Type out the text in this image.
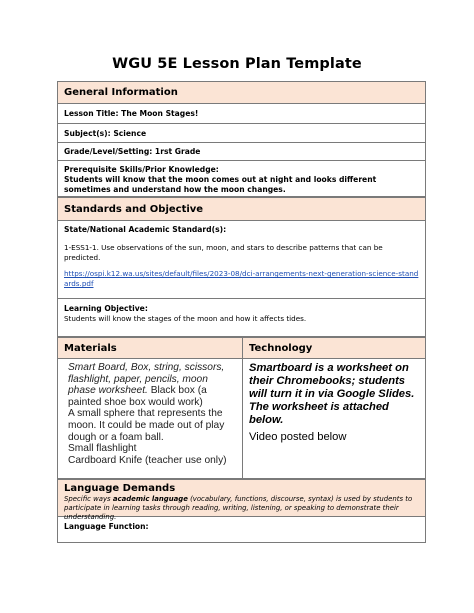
WGU 5E Lesson Plan Template
General Information
Lesson Title: The Moon Stages!
Subject(s): Science
Grade/Level/Setting: 1rst Grade
Prerequisite Skills/Prior Knowledge:
Students will know that the moon comes out at night and looks different sometimes and understand how the moon changes.
Standards and Objective
State/National Academic Standard(s):
1-ESS1-1. Use observations of the sun, moon, and stars to describe patterns that can be predicted.
https://ospi.k12.wa.us/sites/default/files/2023-08/dci-arrangements-next-generation-science-standards.pdf
Learning Objective:
Students will know the stages of the moon and how it affects tides.
Materials	Technology
Smart Board, Box, string, scissors, flashlight, paper, pencils, moon phase worksheet. Black box (a painted shoe box would work)
A small sphere that represents the moon. It could be made out of play dough or a foam ball.
Small flashlight
Cardboard Knife (teacher use only)
Smartboard is a worksheet on their Chromebooks; students will turn it in via Google Slides. The worksheet is attached below.
Video posted below
Language Demands
Specific ways academic language (vocabulary, functions, discourse, syntax) is used by students to participate in learning tasks through reading, writing, listening, or speaking to demonstrate their understanding.
Language Function:
